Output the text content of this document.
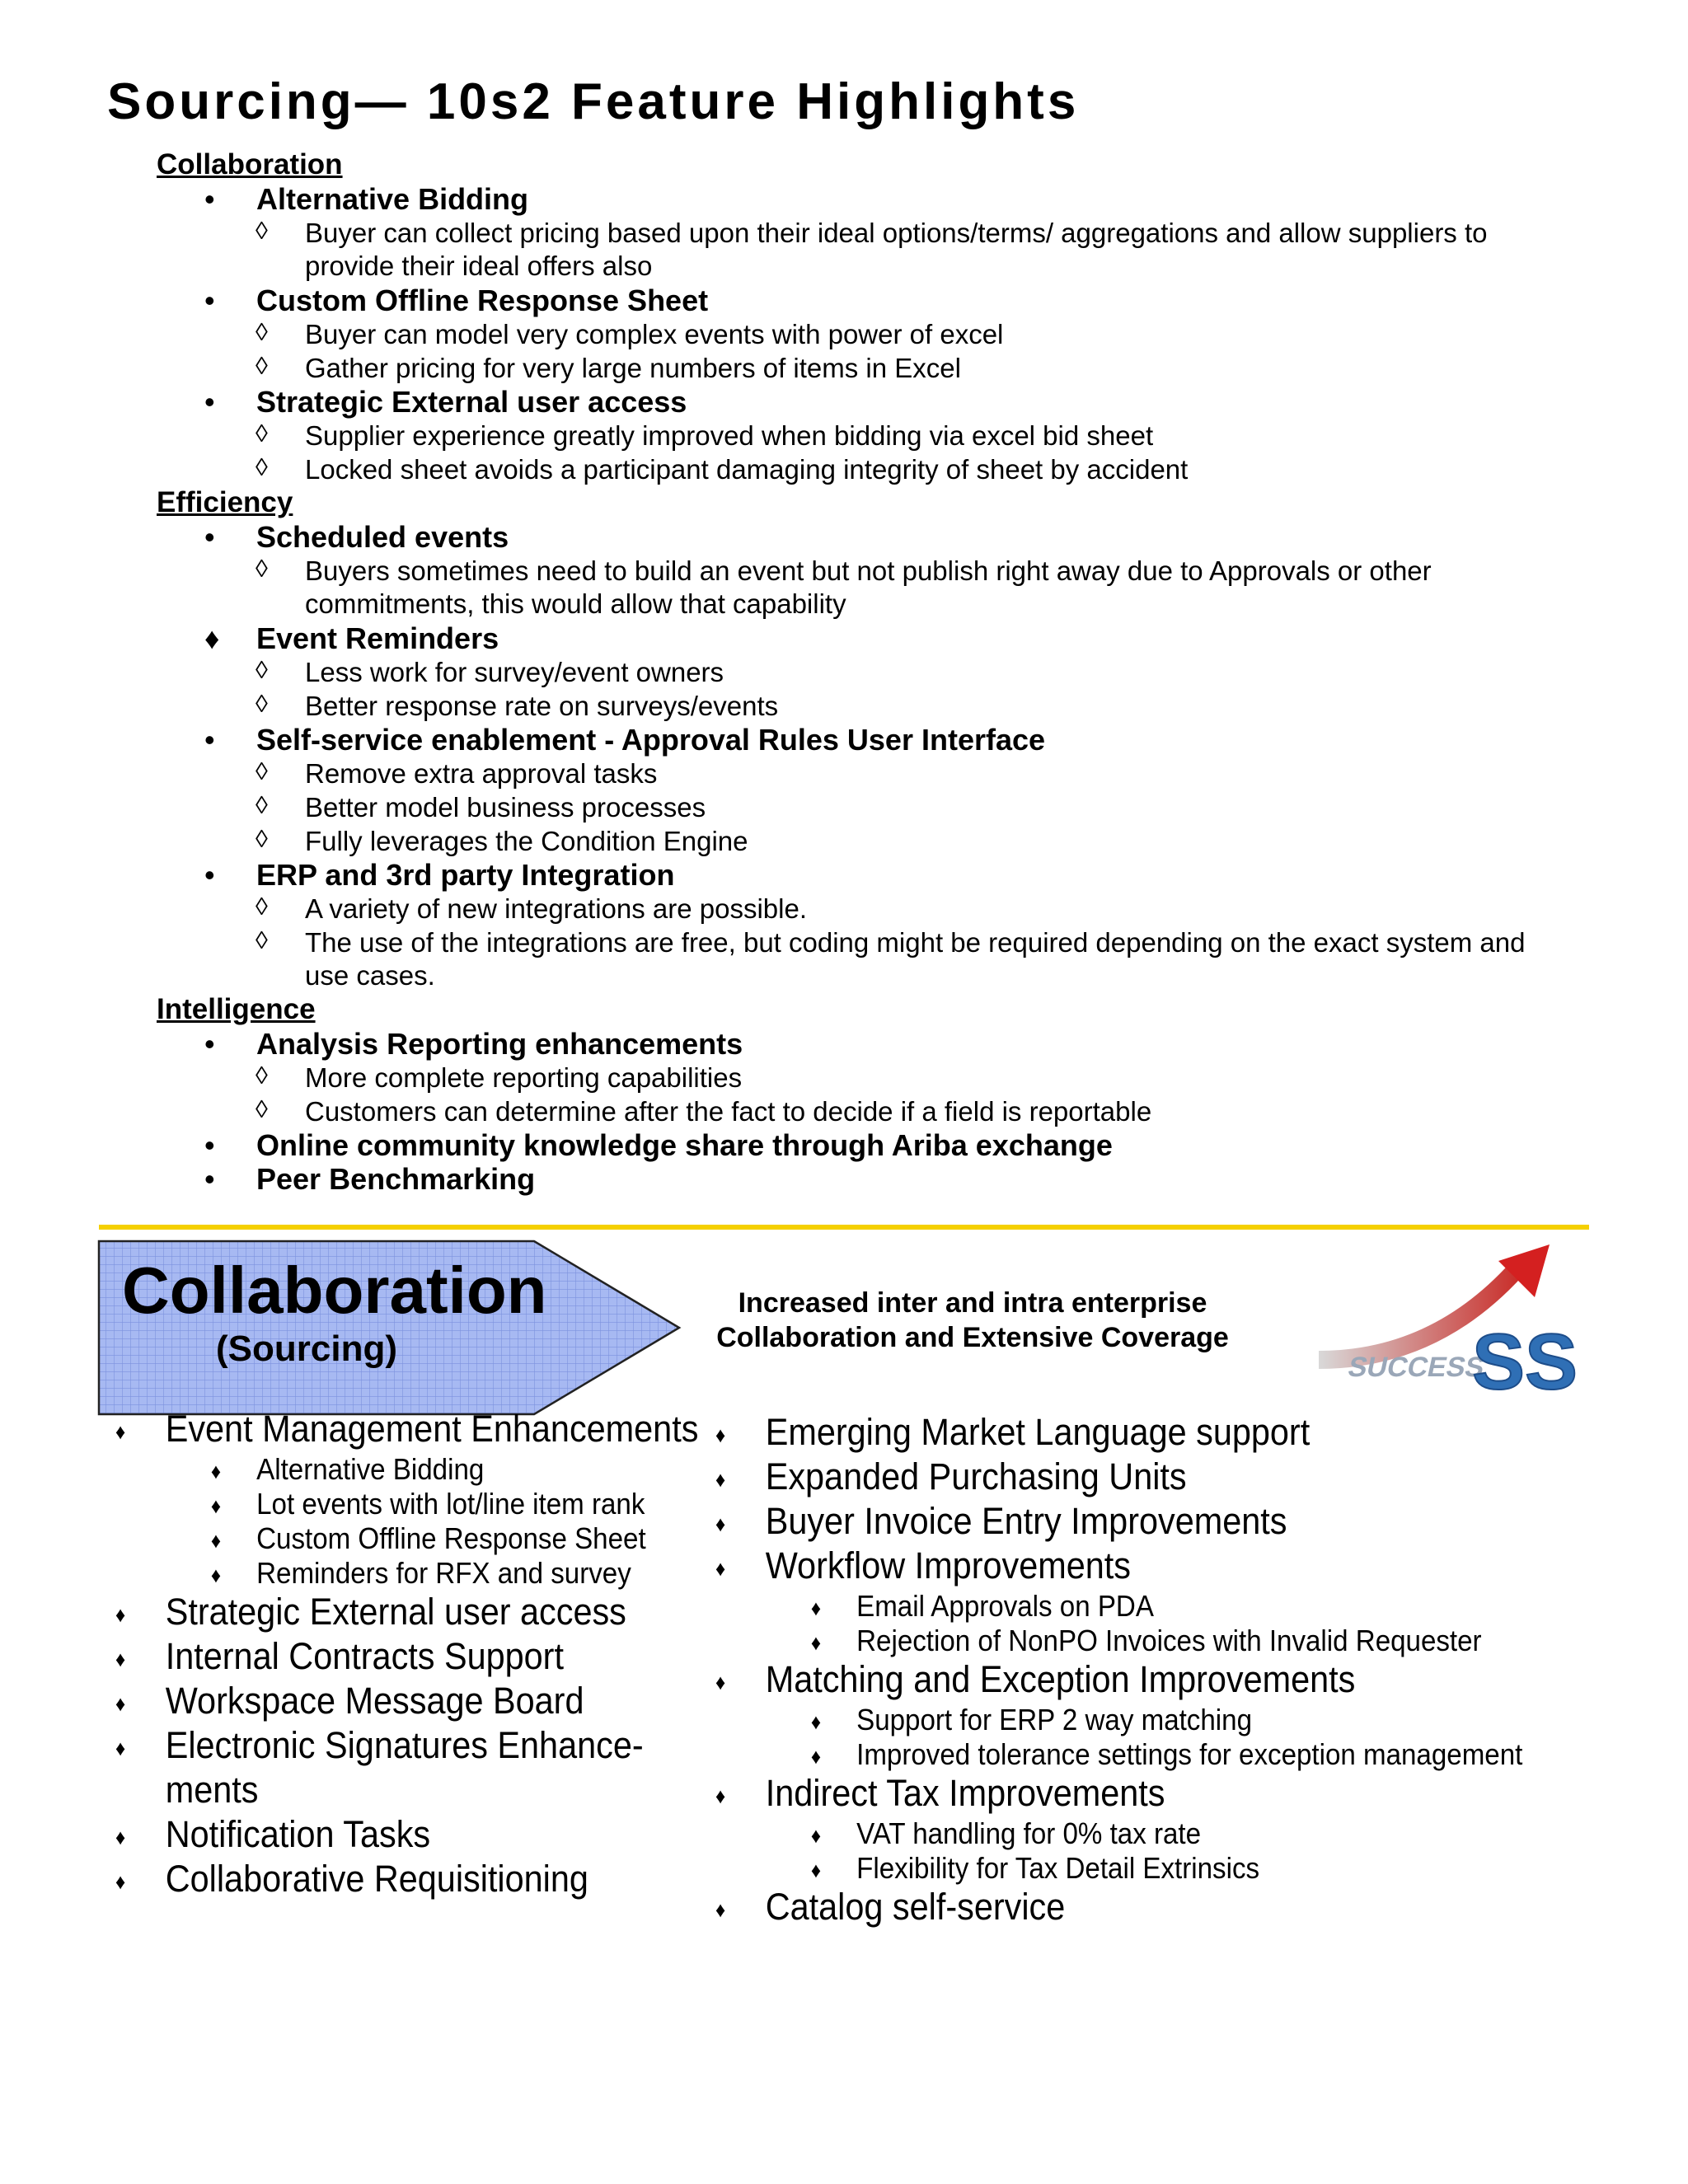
Sourcing— 10s2 Feature Highlights
Collaboration
• Alternative Bidding
◊ Buyer can collect pricing based upon their ideal options/terms/ aggregations and allow suppliers to
provide their ideal offers also
• Custom Offline Response Sheet
◊ Buyer can model very complex events with power of excel
◊ Gather pricing for very large numbers of items in Excel
• Strategic External user access
◊ Supplier experience greatly improved when bidding via excel bid sheet
◊ Locked sheet avoids a participant damaging integrity of sheet by accident
Efficiency
• Scheduled events
◊ Buyers sometimes need to build an event but not publish right away due to Approvals or other
commitments, this would allow that capability
♦ Event Reminders
◊ Less work for survey/event owners
◊ Better response rate on surveys/events
• Self-service enablement - Approval Rules User Interface
◊ Remove extra approval tasks
◊ Better model business processes
◊ Fully leverages the Condition Engine
• ERP and 3rd party Integration
◊ A variety of new integrations are possible.
◊ The use of the integrations are free, but coding might be required depending on the exact system and
use cases.
Intelligence
• Analysis Reporting enhancements
◊ More complete reporting capabilities
◊ Customers can determine after the fact to decide if a field is reportable
• Online community knowledge share through Ariba exchange
• Peer Benchmarking
Collaboration
(Sourcing)
Increased inter and intra enterprise
Collaboration and Extensive Coverage
SUCCESS
SS
♦ Event Management Enhancements
♦ Alternative Bidding
♦ Lot events with lot/line item rank
♦ Custom Offline Response Sheet
♦ Reminders for RFX and survey
♦ Strategic External user access
♦ Internal Contracts Support
♦ Workspace Message Board
♦ Electronic Signatures Enhance-
ments
♦ Notification Tasks
♦ Collaborative Requisitioning
♦ Emerging Market Language support
♦ Expanded Purchasing Units
♦ Buyer Invoice Entry Improvements
♦ Workflow Improvements
♦ Email Approvals on PDA
♦ Rejection of NonPO Invoices with Invalid Requester
♦ Matching and Exception Improvements
♦ Support for ERP 2 way matching
♦ Improved tolerance settings for exception management
♦ Indirect Tax Improvements
♦ VAT handling for 0% tax rate
♦ Flexibility for Tax Detail Extrinsics
♦ Catalog self-service
